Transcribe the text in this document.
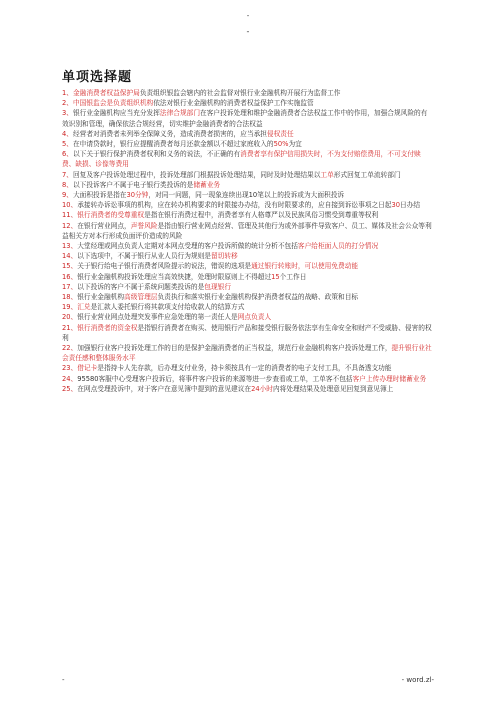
-
-
单项选择题

1、金融消费者权益保护局负责组织银监会辖内的社会监督对银行业金融机构开展行为监督工作

2、中国银监会是负责组织机构依法对银行业金融机构的消费者权益保护工作实施监管

3、银行业金融机构应当充分发挥法律合规部门在客户投诉处理和维护金融消费者合法权益工作中的作用，加强合规风险的有效识别和管理，确保依法合规经营，切实维护金融消费者的合法权益

4、经营者对消费者未列举全保障义务，造成消费者损害的，应当承担侵权责任

5、在申请贷款时，银行应提醒消费者每月还款金额以不超过家庭收入的50%为宜

6、以下关于银行保护消费者权利和义务的说法，不正确的有消费者享有保护信用损失时，不为支付赔偿费用，不可支付赎费、缺损、诊像等费用

7、回复及客户投诉处理过程中，投诉处理部门根据投诉处理结果，同时及时处理结果以工单形式回复工单流转部门

8、以下投诉客户不属于电子银行类投诉的是储蓄业务

9、大面积投诉是指在30分钟，对同一问题，同一现象连续出现10笔以上的投诉或为大面积投诉

10、承接转办诉讼事项的机构，应在转办机构要求的时限接办办结，没有时限要求的，应自接到诉讼事项之日起30日办结

11、银行消费者的受尊重权是指在银行消费过程中，消费者享有人格尊严以及民族风俗习惯受到尊重等权利

12、在银行营业网点，声誉风险是指由银行营业网点经营、管理及其他行为或外部事件导致客户、员工、媒体及社会公众等利益相关方对本行形成负面评价造成的风险

13、大堂经理或网点负责人定期对本网点受理的客户投诉所做的统计分析不包括客户给柜面人员的打分情况

14、以下选项中，不属于银行从业人员行为规则是留切转移

15、关于银行给电子银行消费者风险提示的说法，错误的选项是通过银行转账时，可以使用免费动能

16、银行业金融机构投诉处理应当高效快捷，处理时限原则上不得超过15个工作日

17、以下投诉的客户不属于系统问题类投诉的是包现银行

18、银行业金融机构高级管理层负责执行和落实银行业金融机构保护消费者权益的战略、政策和目标

19、汇兑是汇款人委托银行将其款项支付给收款人的结算方式

20、银行业营业网点处理突发事件应急处理的第一责任人是网点负责人

21、银行消费者的资金权是指银行消费者在购买、使用银行产品和接受银行服务依法享有生命安全和财产不受威胁、侵害的权利

22、加强银行业客户投诉处理工作的目的是保护金融消费者的正当权益，规范行业金融机构客户投诉处理工作，提升银行业社会责任感和整体服务水平

23、借记卡是指持卡人先存款，后办理支付业务，持卡须按具有一定的消费者的电子支付工具，不具备透支功能

24、95580客服中心受理客户投诉后，将事件客户投诉的来源等进一步查看或工单，工单客不包括客户上传办理时储蓄业务

25、在网点受理投诉中，对于客户在意见簿中提到的意见建议在24小时内将处理结果及处理意见回复到意见簿上

-	- word.zl-
